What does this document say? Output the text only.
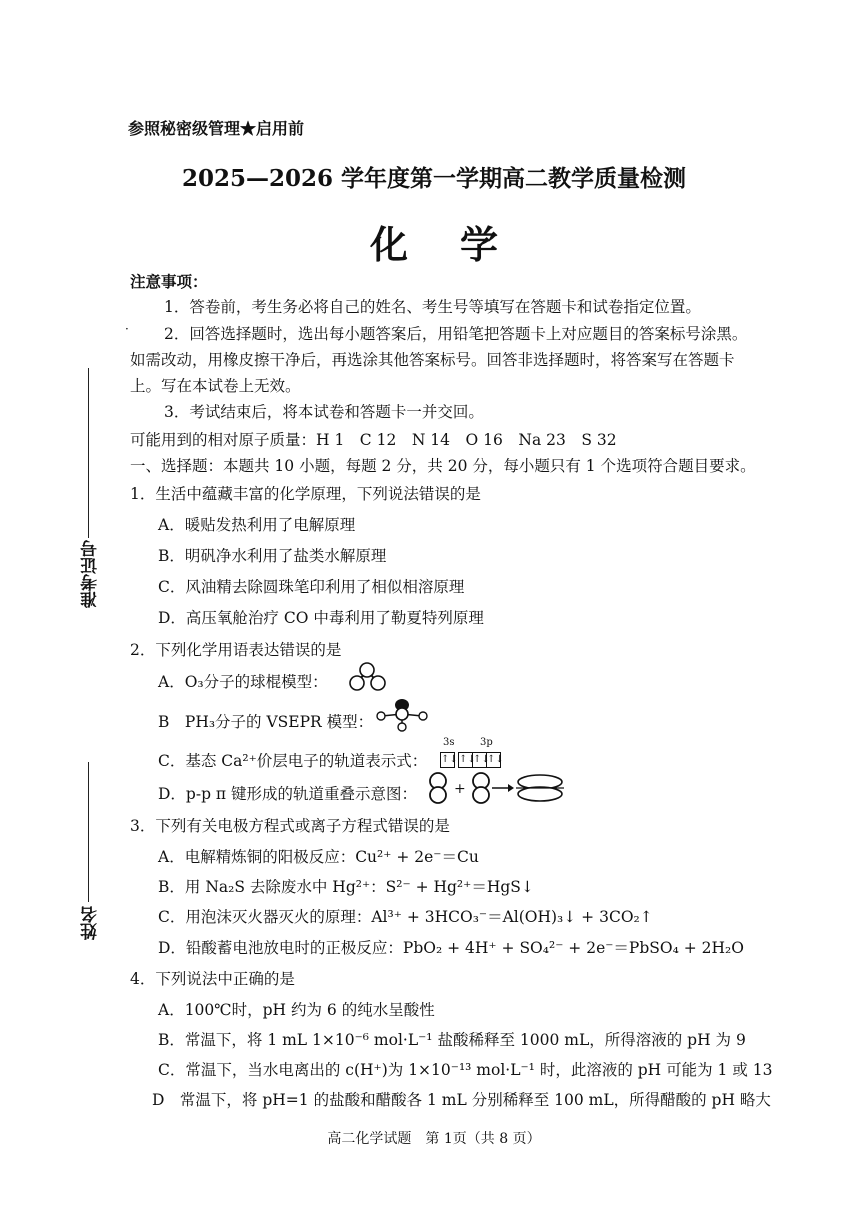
参照秘密级管理★启用前
2025—2026 学年度第一学期高二教学质量检测
化学
注意事项：
1．答卷前，考生务必将自己的姓名、考生号等填写在答题卡和试卷指定位置。
· 2．回答选择题时，选出每小题答案后，用铅笔把答题卡上对应题目的答案标号涂黑。
如需改动，用橡皮擦干净后，再选涂其他答案标号。回答非选择题时，将答案写在答题卡
上。写在本试卷上无效。
3．考试结束后，将本试卷和答题卡一并交回。
可能用到的相对原子质量：H 1　C 12　N 14　O 16　Na 23　S 32
一、选择题：本题共 10 小题，每题 2 分，共 20 分，每小题只有 1 个选项符合题目要求。
1．生活中蕴藏丰富的化学原理，下列说法错误的是
A．暖贴发热利用了电解原理
B．明矾净水利用了盐类水解原理
C．风油精去除圆珠笔印利用了相似相溶原理
D．高压氧舱治疗 CO 中毒利用了勒夏特列原理
2．下列化学用语表达错误的是
A．O₃分子的球棍模型：
B　PH₃分子的 VSEPR 模型：
C．基态 Ca²⁺价层电子的轨道表示式：
3s	3p
↑↓↑↓↑↓↑↓
D．p-p π 键形成的轨道重叠示意图：	+
3．下列有关电极方程式或离子方程式错误的是
A．电解精炼铜的阳极反应：Cu²⁺ + 2e⁻＝Cu
B．用 Na₂S 去除废水中 Hg²⁺：S²⁻ + Hg²⁺＝HgS↓
C．用泡沫灭火器灭火的原理：Al³⁺ + 3HCO₃⁻＝Al(OH)₃↓ + 3CO₂↑
D．铅酸蓄电池放电时的正极反应：PbO₂ + 4H⁺ + SO₄²⁻ + 2e⁻＝PbSO₄ + 2H₂O
4．下列说法中正确的是
A．100℃时，pH 约为 6 的纯水呈酸性
B．常温下，将 1 mL 1×10⁻⁶ mol·L⁻¹ 盐酸稀释至 1000 mL，所得溶液的 pH 为 9
C．常温下，当水电离出的 c(H⁺)为 1×10⁻¹³ mol·L⁻¹ 时，此溶液的 pH 可能为 1 或 13
D　常温下，将 pH=1 的盐酸和醋酸各 1 mL 分别稀释至 100 mL，所得醋酸的 pH 略大
准考证号
姓名
高二化学试题　第 1页（共 8 页）
